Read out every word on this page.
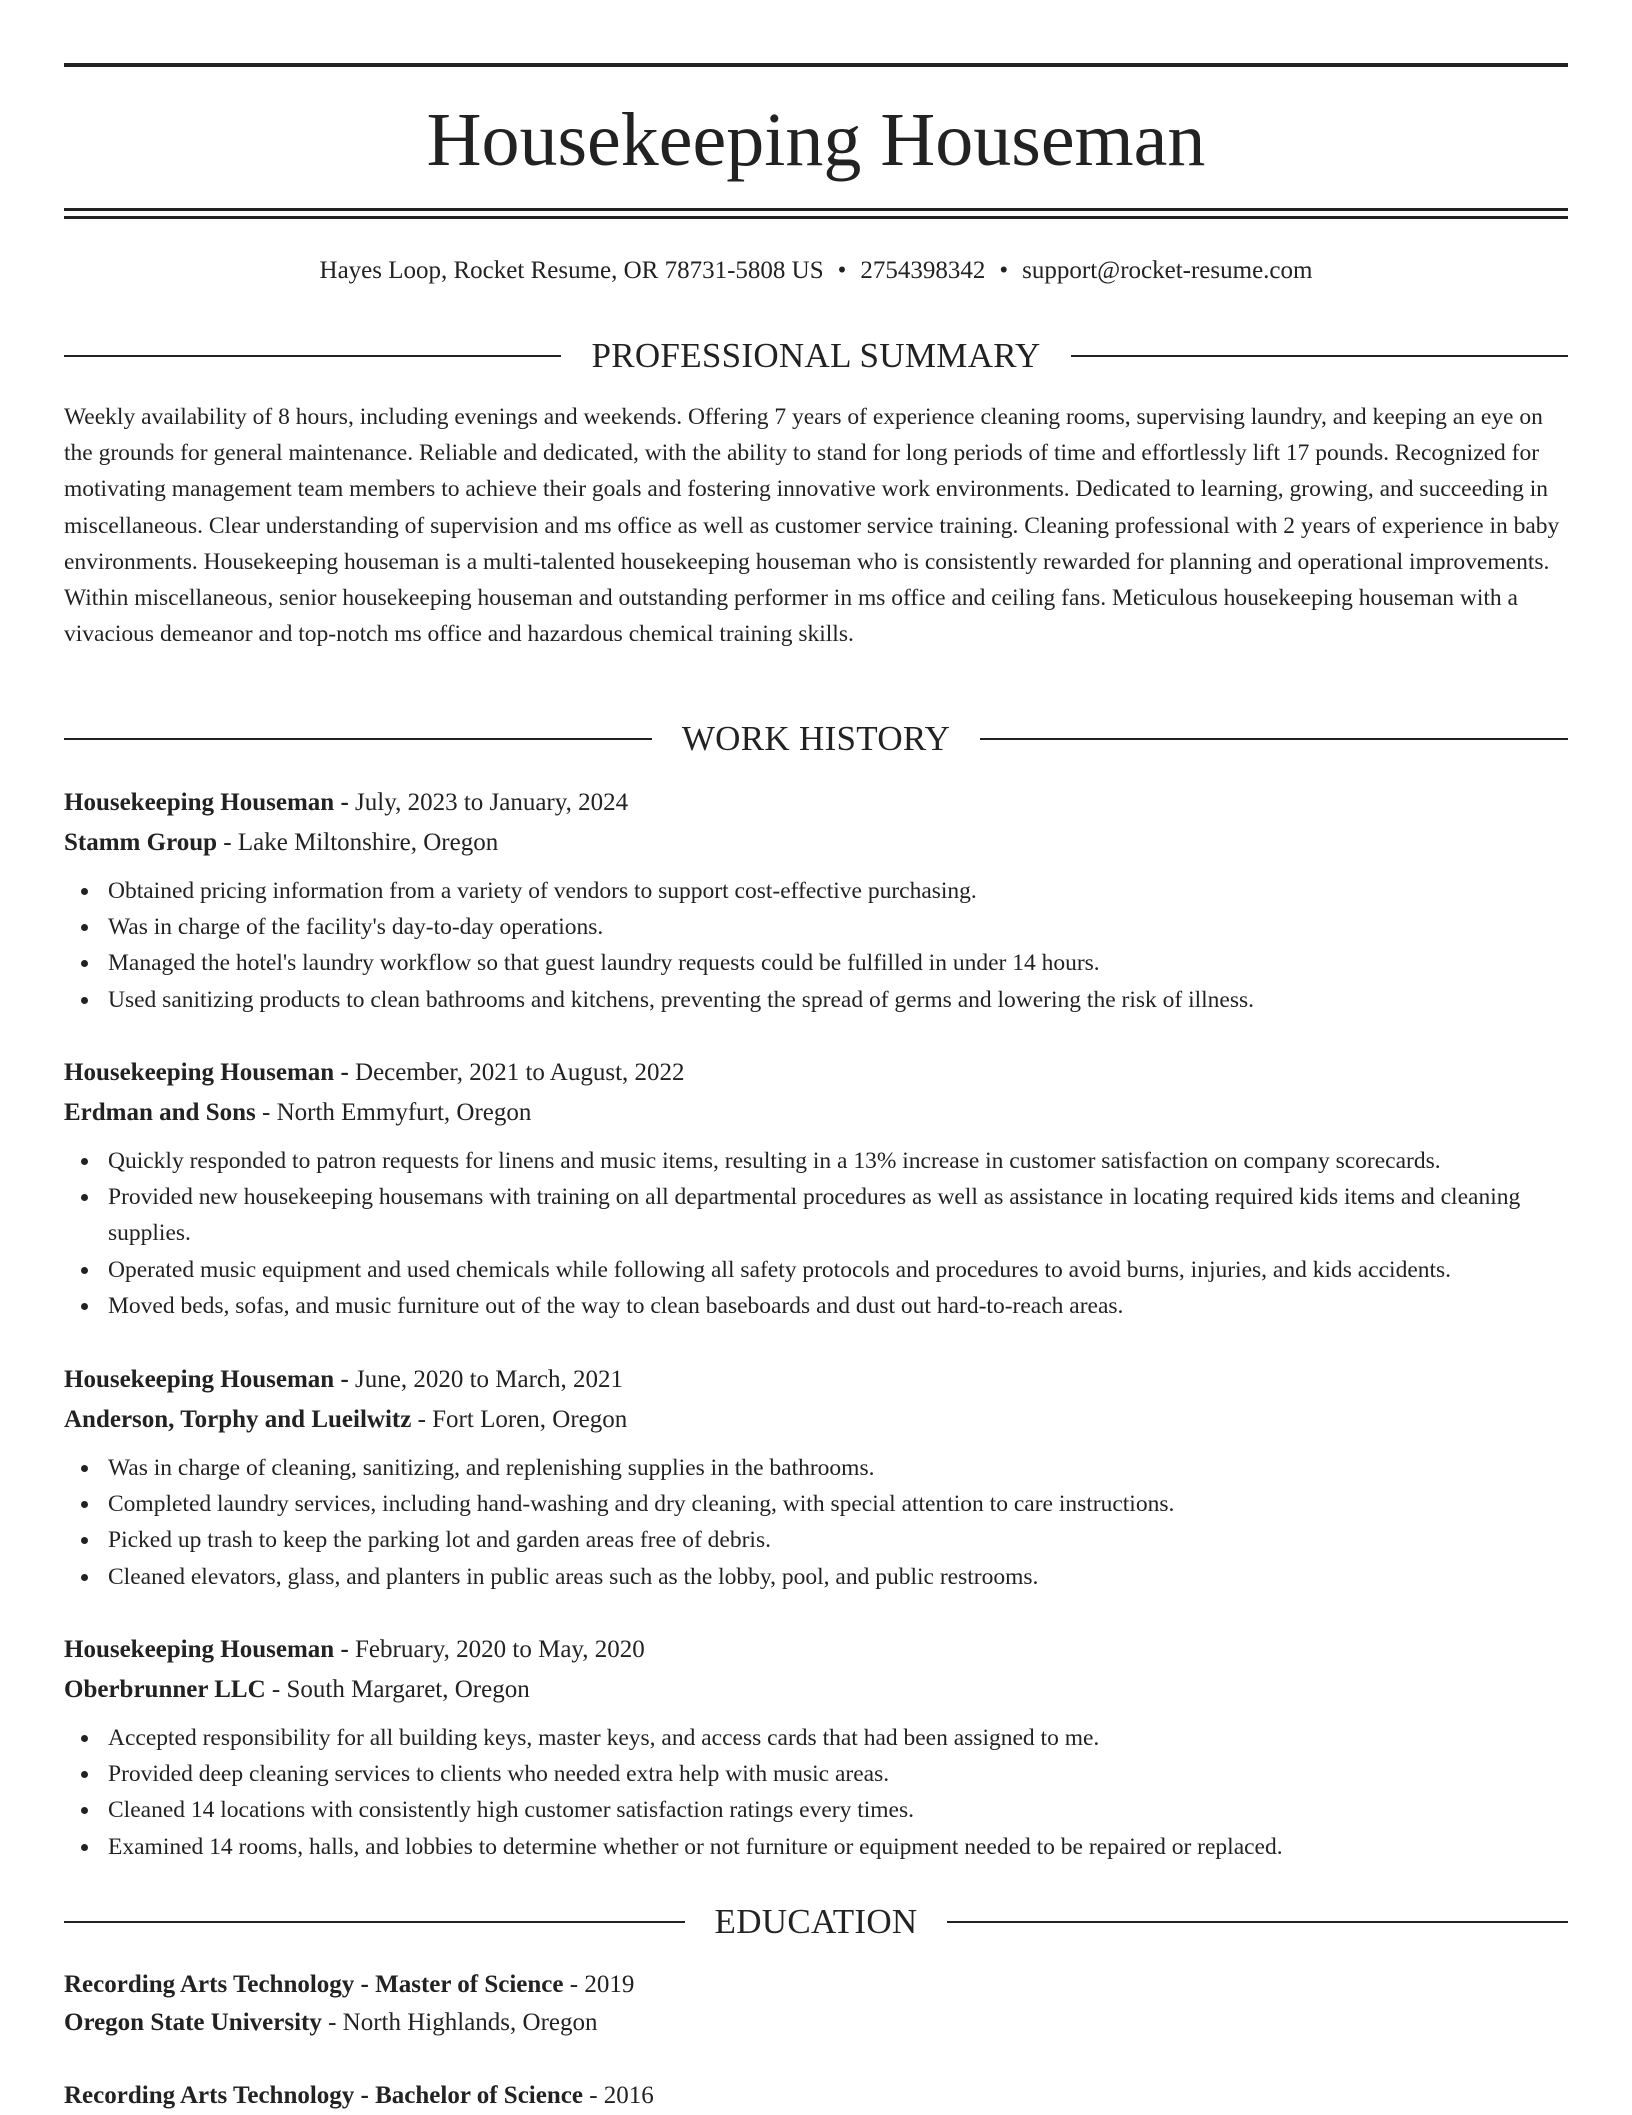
Housekeeping Houseman
Hayes Loop, Rocket Resume, OR 78731-5808 US • 2754398342 • support@rocket-resume.com
PROFESSIONAL SUMMARY

Weekly availability of 8 hours, including evenings and weekends. Offering 7 years of experience cleaning rooms, supervising laundry, and keeping an eye on the grounds for general maintenance. Reliable and dedicated, with the ability to stand for long periods of time and effortlessly lift 17 pounds. Recognized for motivating management team members to achieve their goals and fostering innovative work environments. Dedicated to learning, growing, and succeeding in miscellaneous. Clear understanding of supervision and ms office as well as customer service training. Cleaning professional with 2 years of experience in baby environments. Housekeeping houseman is a multi-talented housekeeping houseman who is consistently rewarded for planning and operational improvements. Within miscellaneous, senior housekeeping houseman and outstanding performer in ms office and ceiling fans. Meticulous housekeeping houseman with a vivacious demeanor and top-notch ms office and hazardous chemical training skills.

WORK HISTORY
Housekeeping Houseman - July, 2023 to January, 2024
Stamm Group - Lake Miltonshire, Oregon
Obtained pricing information from a variety of vendors to support cost-effective purchasing.
Was in charge of the facility's day-to-day operations.
Managed the hotel's laundry workflow so that guest laundry requests could be fulfilled in under 14 hours.
Used sanitizing products to clean bathrooms and kitchens, preventing the spread of germs and lowering the risk of illness.
Housekeeping Houseman - December, 2021 to August, 2022
Erdman and Sons - North Emmyfurt, Oregon
Quickly responded to patron requests for linens and music items, resulting in a 13% increase in customer satisfaction on company scorecards.
Provided new housekeeping housemans with training on all departmental procedures as well as assistance in locating required kids items and cleaning supplies.
Operated music equipment and used chemicals while following all safety protocols and procedures to avoid burns, injuries, and kids accidents.
Moved beds, sofas, and music furniture out of the way to clean baseboards and dust out hard-to-reach areas.
Housekeeping Houseman - June, 2020 to March, 2021
Anderson, Torphy and Lueilwitz - Fort Loren, Oregon
Was in charge of cleaning, sanitizing, and replenishing supplies in the bathrooms.
Completed laundry services, including hand-washing and dry cleaning, with special attention to care instructions.
Picked up trash to keep the parking lot and garden areas free of debris.
Cleaned elevators, glass, and planters in public areas such as the lobby, pool, and public restrooms.
Housekeeping Houseman - February, 2020 to May, 2020
Oberbrunner LLC - South Margaret, Oregon
Accepted responsibility for all building keys, master keys, and access cards that had been assigned to me.
Provided deep cleaning services to clients who needed extra help with music areas.
Cleaned 14 locations with consistently high customer satisfaction ratings every times.
Examined 14 rooms, halls, and lobbies to determine whether or not furniture or equipment needed to be repaired or replaced.
EDUCATION
Recording Arts Technology - Master of Science - 2019
Oregon State University - North Highlands, Oregon
Recording Arts Technology - Bachelor of Science - 2016
